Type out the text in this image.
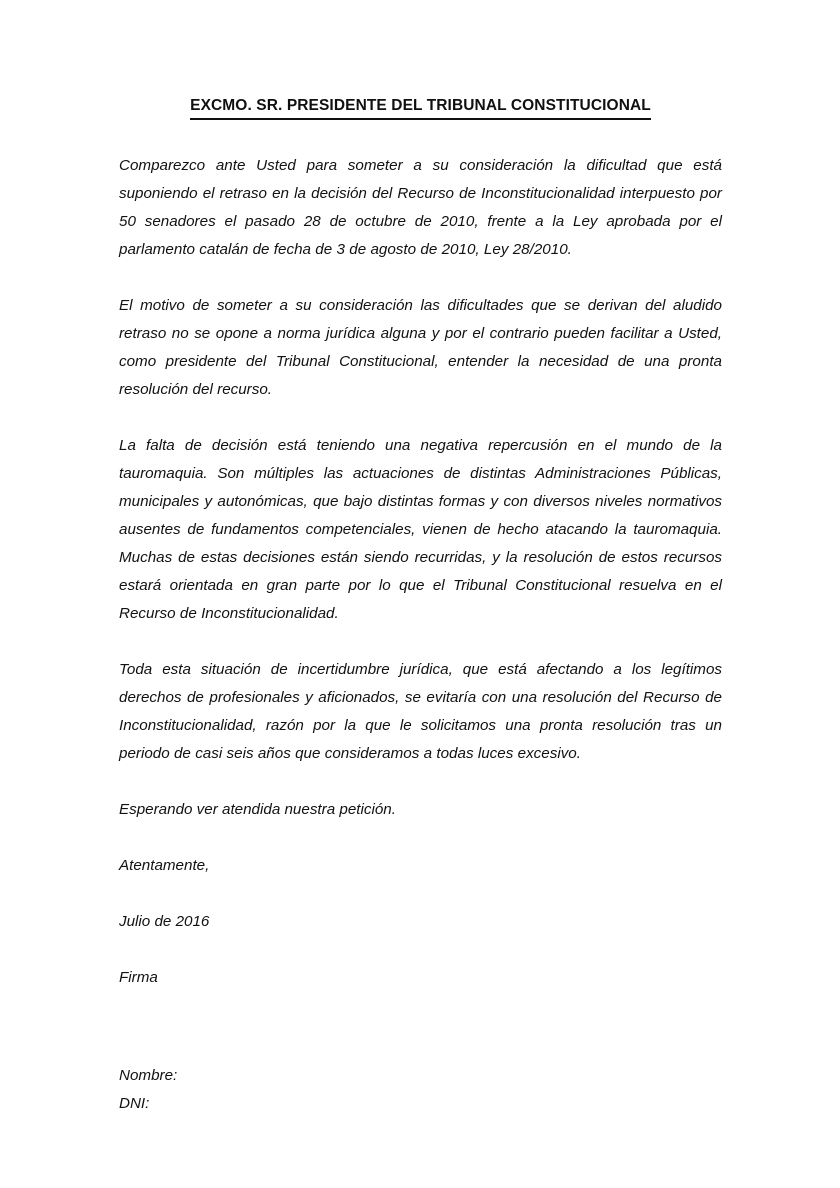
EXCMO. SR. PRESIDENTE DEL TRIBUNAL CONSTITUCIONAL

Comparezco ante Usted para someter a su consideración la dificultad que está suponiendo el retraso en la decisión del Recurso de Inconstitucionalidad interpuesto por 50 senadores el pasado 28 de octubre de 2010, frente a la Ley aprobada por el parlamento catalán de fecha de 3 de agosto de 2010, Ley 28/2010.

El motivo de someter a su consideración las dificultades que se derivan del aludido retraso no se opone a norma jurídica alguna y por el contrario pueden facilitar a Usted, como presidente del Tribunal Constitucional, entender la necesidad de una pronta resolución del recurso.

La falta de decisión está teniendo una negativa repercusión en el mundo de la tauromaquia. Son múltiples las actuaciones de distintas Administraciones Públicas, municipales y autonómicas, que bajo distintas formas y con diversos niveles normativos ausentes de fundamentos competenciales, vienen de hecho atacando la tauromaquia. Muchas de estas decisiones están siendo recurridas, y la resolución de estos recursos estará orientada en gran parte por lo que el Tribunal Constitucional resuelva en el Recurso de Inconstitucionalidad.

Toda esta situación de incertidumbre jurídica, que está afectando a los legítimos derechos de profesionales y aficionados, se evitaría con una resolución del Recurso de Inconstitucionalidad, razón por la que le solicitamos una pronta resolución tras un periodo de casi seis años que consideramos a todas luces excesivo.

Esperando ver atendida nuestra petición.

Atentamente,

Julio de 2016

Firma

Nombre:

DNI:
